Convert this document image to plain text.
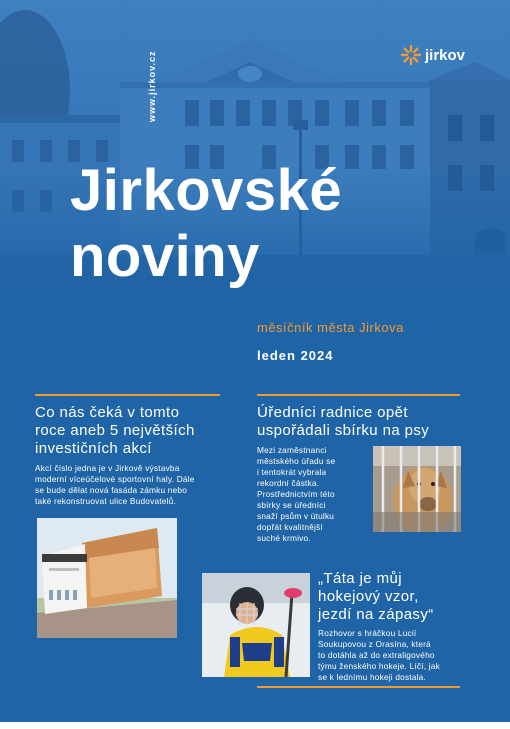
www.jirkov.cz	jirkov
Jirkovské
noviny
měsíčník města Jirkova
leden 2024
Co nás čeká v tomto
roce aneb 5 největších
investičních akcí
Akcí číslo jedna je v Jirkově výstavba
moderní víceúčelové sportovní haly. Dále
se bude dělat nová fasáda zámku nebo
také rekonstruovat ulice Budovatelů.
Úředníci radnice opět
uspořádali sbírku na psy
Mezi zaměstnanci
městského úřadu se
i tentokrát vybrala
rekordní částka.
Prostřednictvím této
sbírky se úředníci
snaží psům v útulku
dopřát kvalitnější
suché krmivo.
„Táta je můj
hokejový vzor,
jezdí na zápasy“
Rozhovor s hráčkou Lucií
Soukupovou z Orasína, která
to dotáhla až do extraligového
týmu ženského hokeje. Líčí, jak
se k lednímu hokeji dostala.
